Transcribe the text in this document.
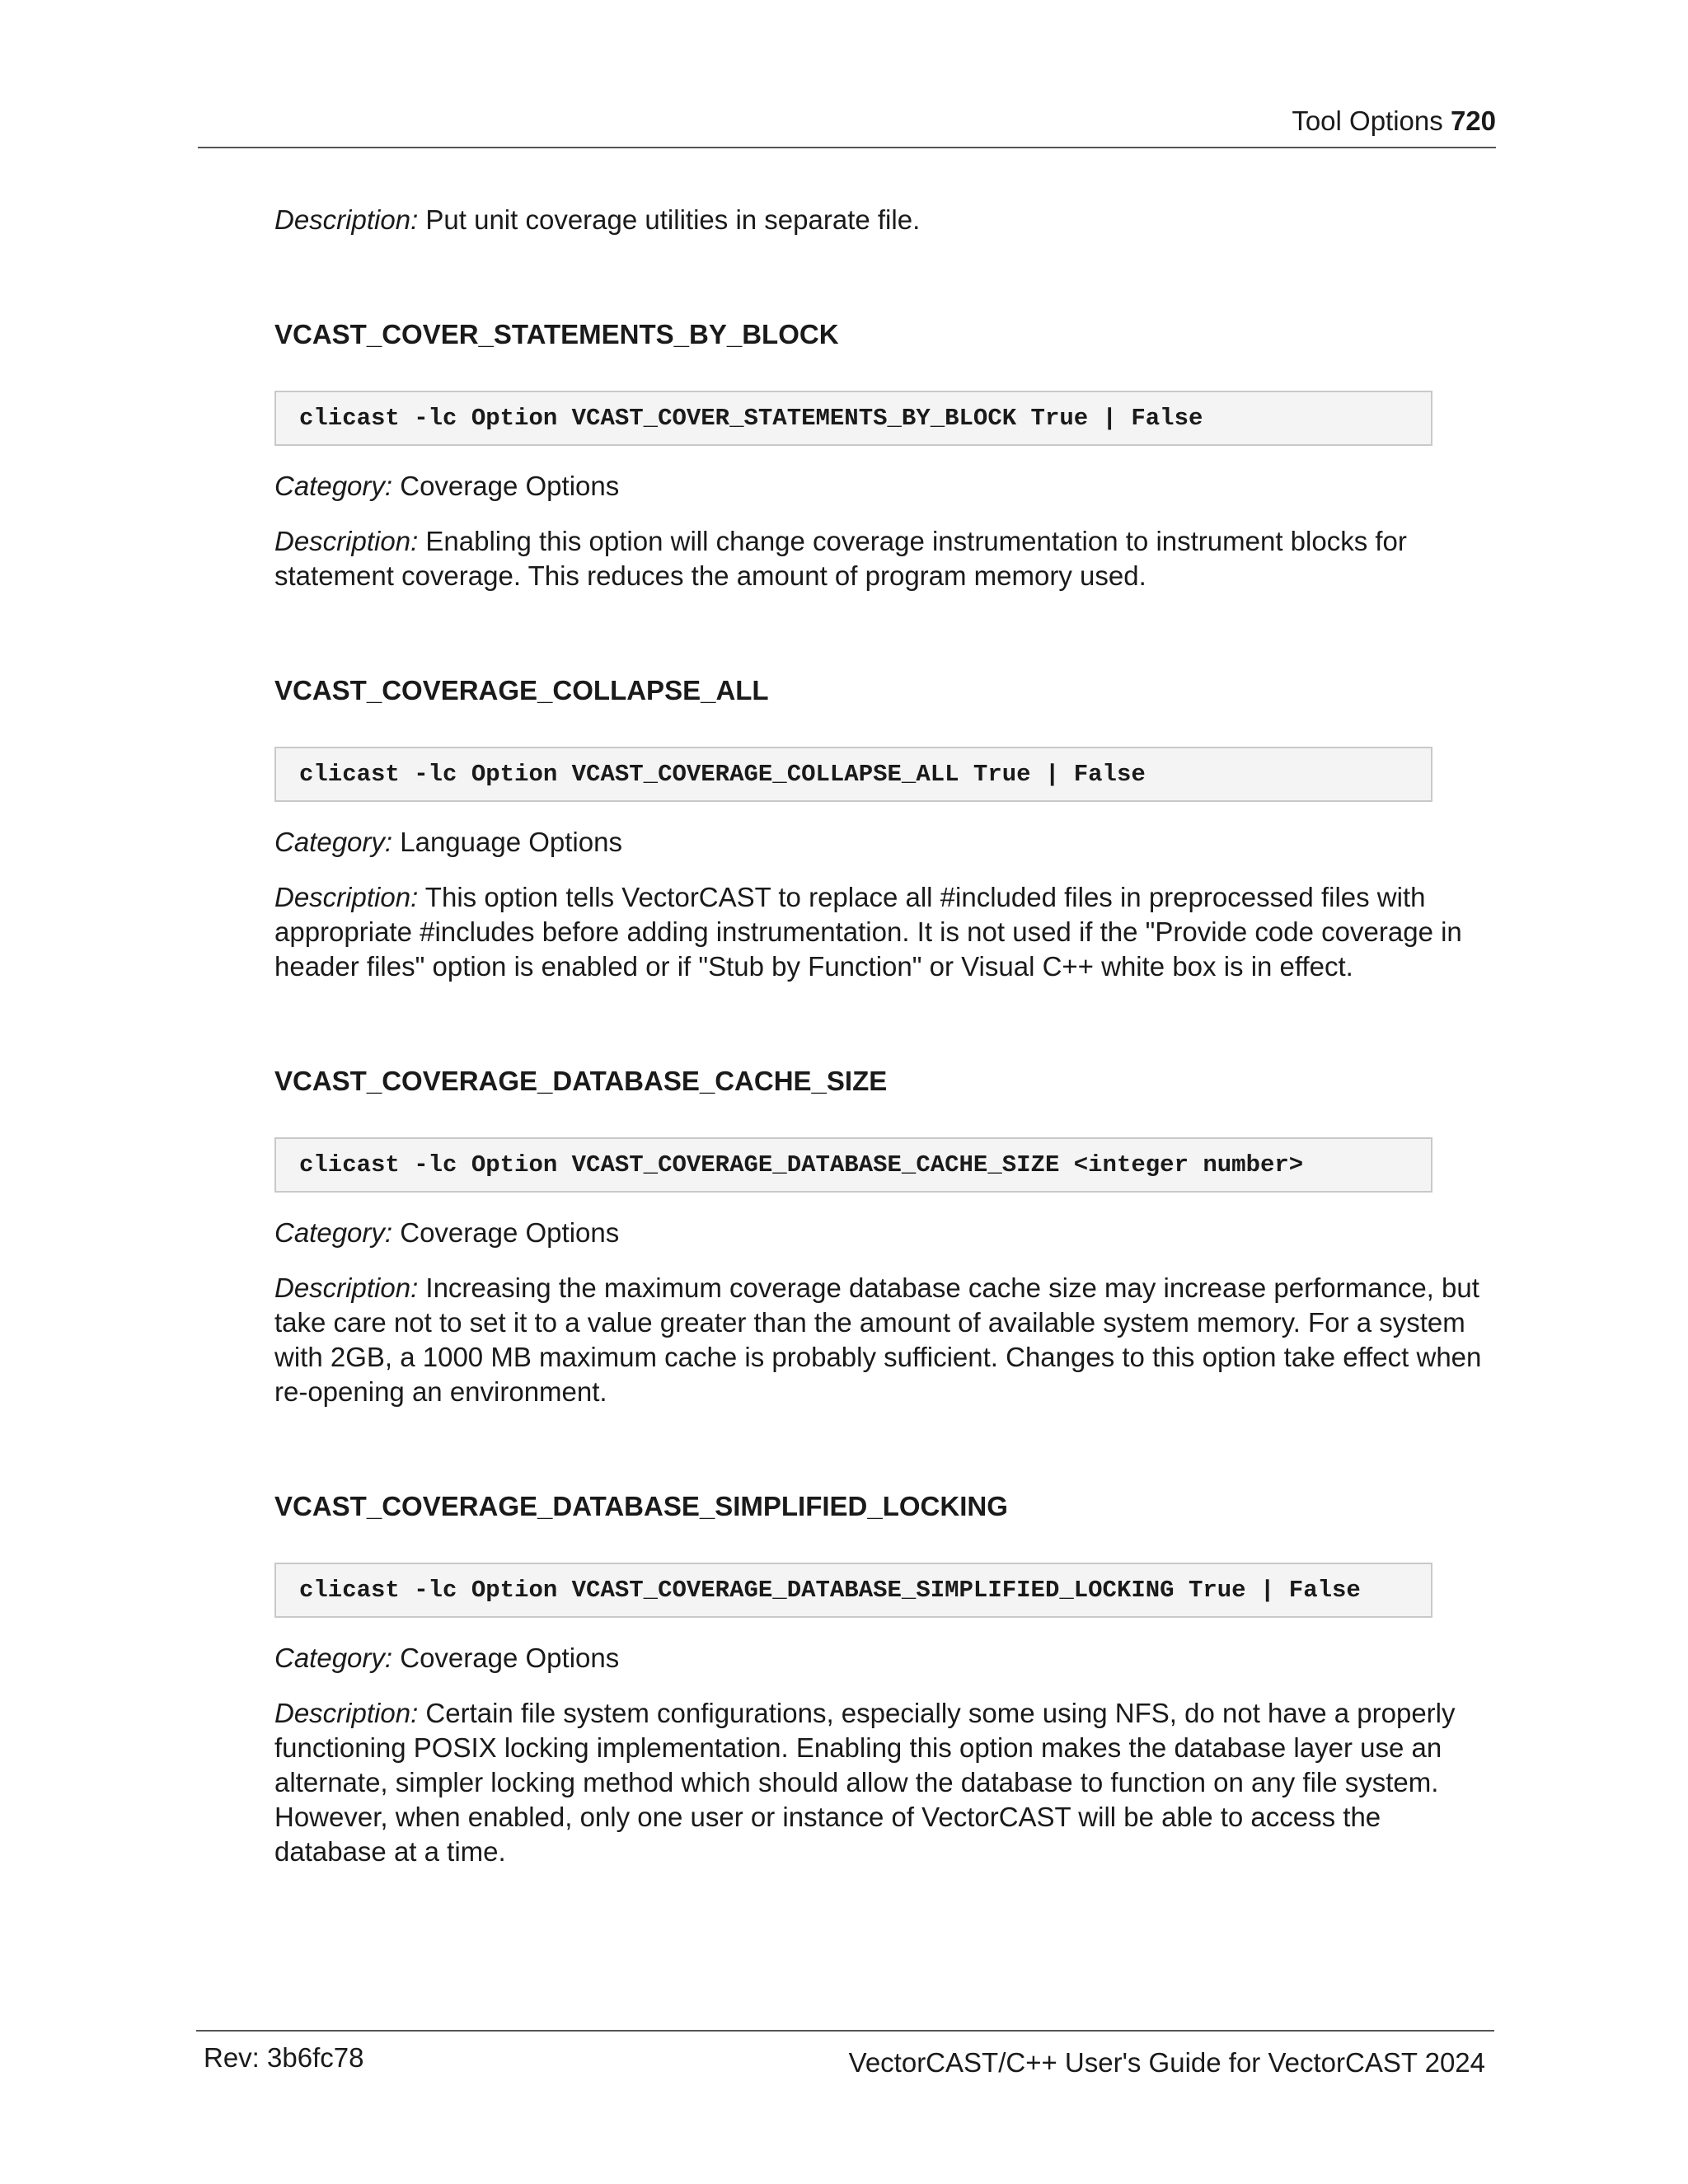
Tool Options 720

Description: Put unit coverage utilities in separate file.

VCAST_COVER_STATEMENTS_BY_BLOCK
clicast -lc Option VCAST_COVER_STATEMENTS_BY_BLOCK True | False

Category: Coverage Options

Description: Enabling this option will change coverage instrumentation to instrument blocks for statement coverage. This reduces the amount of program memory used.

VCAST_COVERAGE_COLLAPSE_ALL
clicast -lc Option VCAST_COVERAGE_COLLAPSE_ALL True | False

Category: Language Options

Description: This option tells VectorCAST to replace all #included files in preprocessed files with appropriate #includes before adding instrumentation. It is not used if the "Provide code coverage in header files" option is enabled or if "Stub by Function" or Visual C++ white box is in effect.

VCAST_COVERAGE_DATABASE_CACHE_SIZE
clicast -lc Option VCAST_COVERAGE_DATABASE_CACHE_SIZE <integer number>

Category: Coverage Options

Description: Increasing the maximum coverage database cache size may increase performance, but take care not to set it to a value greater than the amount of available system memory. For a system with 2GB, a 1000 MB maximum cache is probably sufficient. Changes to this option take effect when re-opening an environment.

VCAST_COVERAGE_DATABASE_SIMPLIFIED_LOCKING
clicast -lc Option VCAST_COVERAGE_DATABASE_SIMPLIFIED_LOCKING True | False

Category: Coverage Options

Description: Certain file system configurations, especially some using NFS, do not have a properly functioning POSIX locking implementation. Enabling this option makes the database layer use an alternate, simpler locking method which should allow the database to function on any file system. However, when enabled, only one user or instance of VectorCAST will be able to access the database at a time.

Rev: 3b6fc78	VectorCAST/C++ User's Guide for VectorCAST 2024
